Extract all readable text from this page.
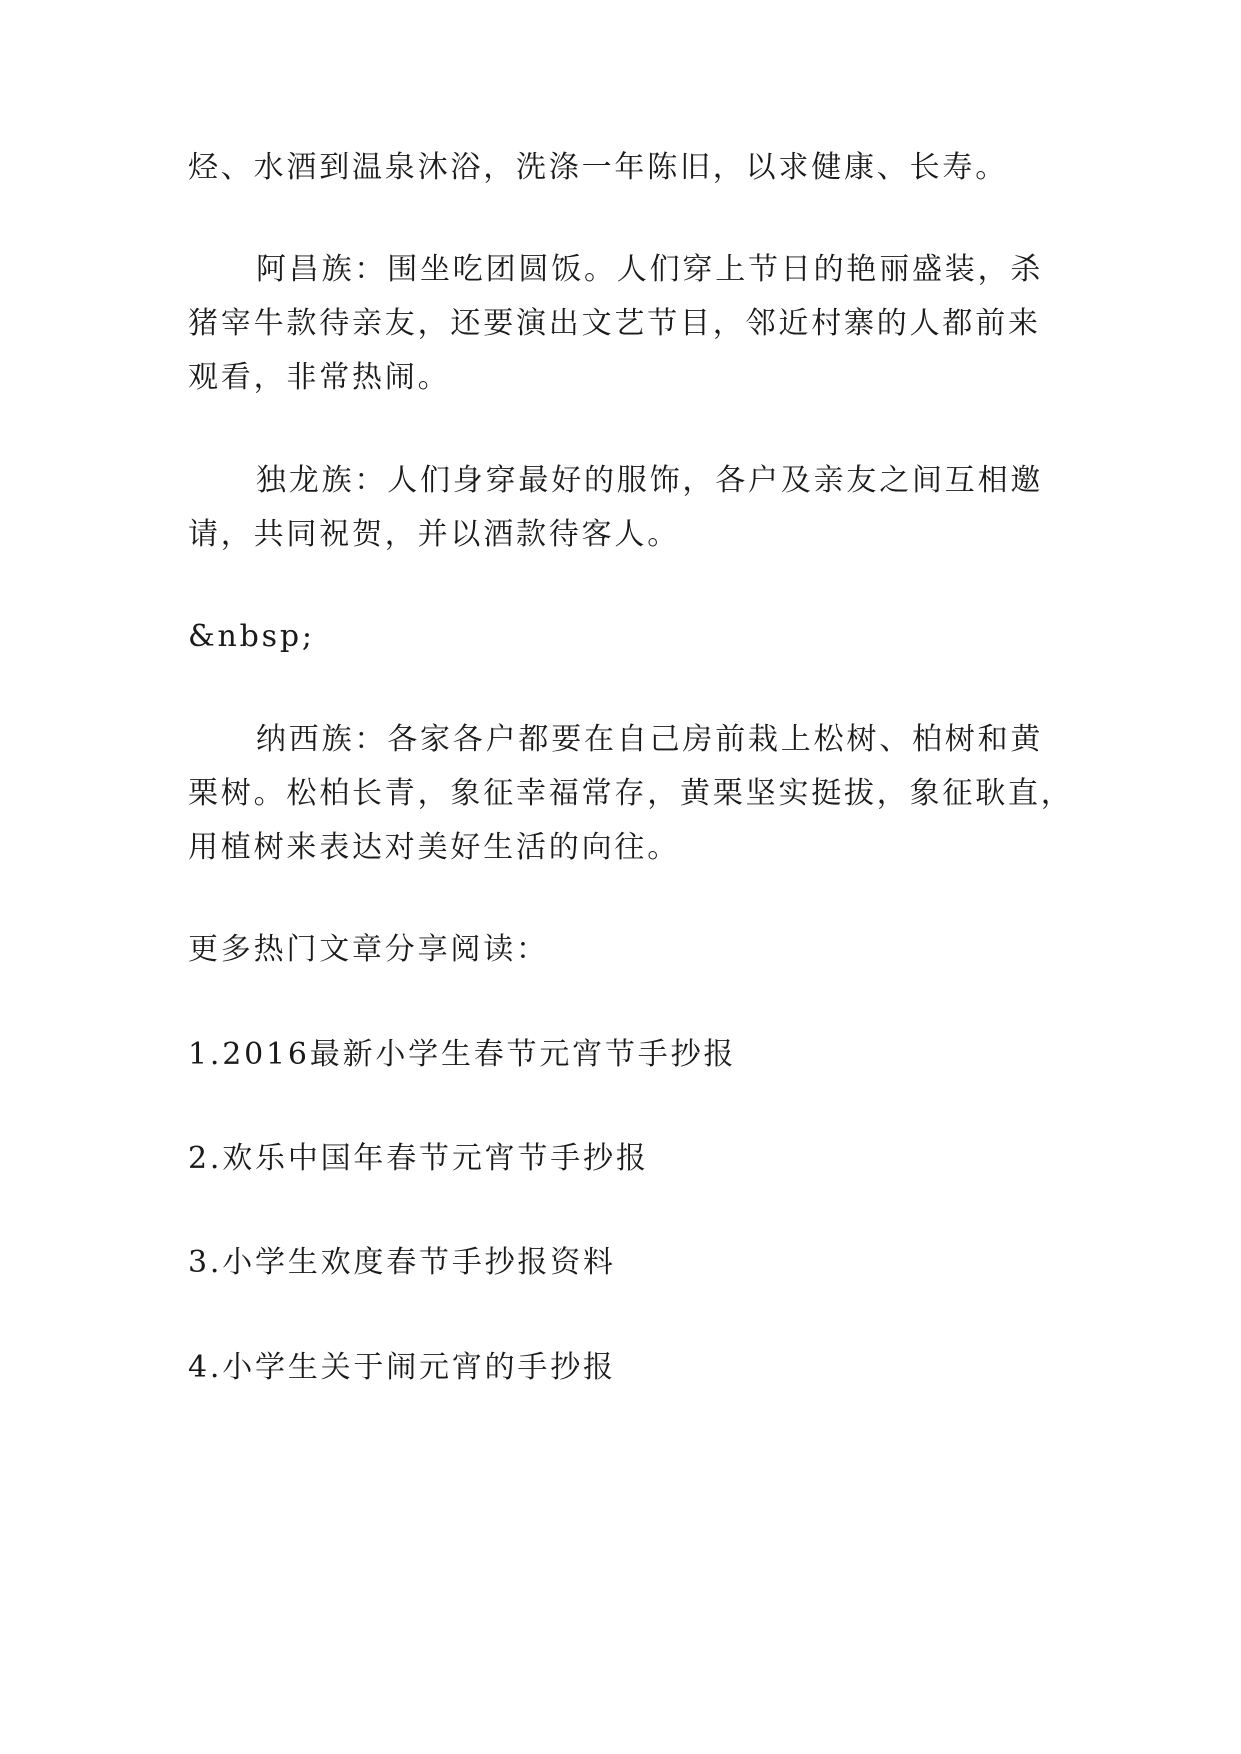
烃、水酒到温泉沐浴，洗涤一年陈旧，以求健康、长寿。
阿昌族：围坐吃团圆饭。人们穿上节日的艳丽盛装，杀
猪宰牛款待亲友，还要演出文艺节目，邻近村寨的人都前来
观看，非常热闹。
独龙族：人们身穿最好的服饰，各户及亲友之间互相邀
请，共同祝贺，并以酒款待客人。
&nbsp;
纳西族：各家各户都要在自己房前栽上松树、柏树和黄
栗树。松柏长青，象征幸福常存，黄栗坚实挺拔，象征耿直，
用植树来表达对美好生活的向往。
更多热门文章分享阅读：
1.2016最新小学生春节元宵节手抄报
2.欢乐中国年春节元宵节手抄报
3.小学生欢度春节手抄报资料
4.小学生关于闹元宵的手抄报
